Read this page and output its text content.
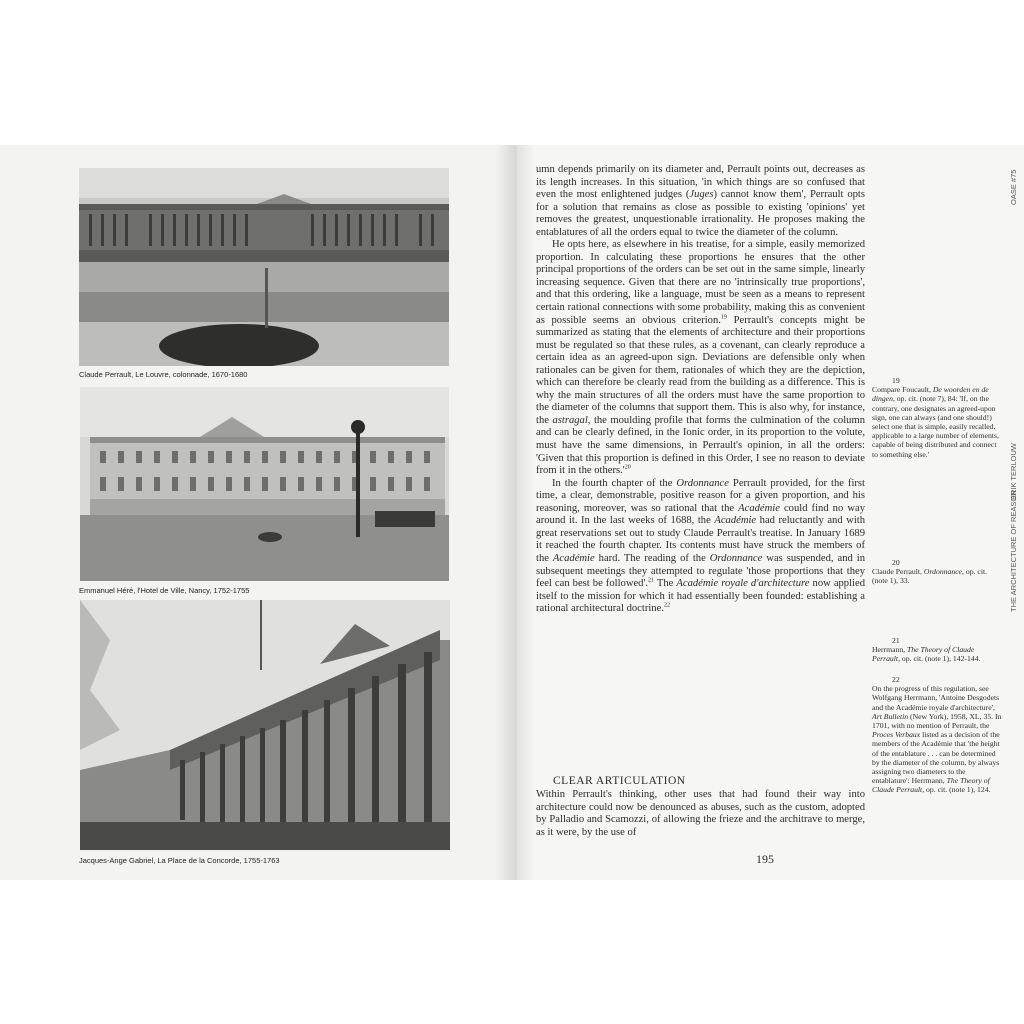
Claude Perrault, Le Louvre, colonnade, 1670-1680
Emmanuel Héré, l'Hotel de Ville, Nancy, 1752-1755
Jacques-Ange Gabriel, La Place de la Concorde, 1755-1763

umn depends primarily on its diameter and, Perrault points out, decreases as its length increases. In this situation, 'in which things are so confused that even the most enlightened judges (Juges) cannot know them', Perrault opts for a solution that remains as close as possible to existing 'opinions' yet removes the greatest, unquestionable irrationality. He proposes making the entablatures of all the orders equal to twice the diameter of the column.

He opts here, as elsewhere in his treatise, for a simple, easily memorized proportion. In calculating these proportions he ensures that the other principal proportions of the orders can be set out in the same simple, linearly increasing sequence. Given that there are no 'intrinsically true proportions', and that this ordering, like a language, must be seen as a means to represent certain rational connections with some probability, making this as convenient as possible seems an obvious criterion.$^{19}$ Perrault's concepts might be summarized as stating that the elements of architecture and their proportions must be regulated so that these rules, as a covenant, can clearly reproduce a certain idea as an agreed-upon sign. Deviations are defensible only when rationales can be given for them, rationales of which they are the depiction, which can therefore be clearly read from the building as a difference. This is why the main structures of all the orders must have the same proportion to the diameter of the columns that support them. This is also why, for instance, the astragal, the moulding profile that forms the culmination of the column and can be clearly defined, in the Ionic order, in its proportion to the volute, must have the same dimensions, in Perrault's opinion, in all the orders: 'Given that this proportion is defined in this Order, I see no reason to deviate from it in the $others.'^{20}$

In the fourth chapter of the Ordonnance Perrault provided, for the first time, a clear, demonstrable, positive reason for a given proportion, and his reasoning, moreover, was so rational that the Académie could find no way around it. In the last weeks of 1688, the Académie had reluctantly and with great reservations set out to study Claude Perrault's treatise. In January 1689 it reached the fourth chapter. Its contents must have struck the members of the Académie hard. The reading of the Ordonnance was suspended, and in subsequent meetings they attempted to regulate 'those proportions that they feel can best be followed'.$^{21}$ The Académie royale d'architecture now applied itself to the mission for which it had essentially been founded: establishing a rational architectural doctrine.$^{22}$

CLEAR ARTICULATION

Within Perrault's thinking, other uses that had found their way into architecture could now be denounced as abuses, such as the custom, adopted by Palladio and Scamozzi, of allowing the frieze and the architrave to merge, as it were, by the use of

195
19

Compare Foucault, De woorden en de dingen, op. cit. (note 7), 84: 'If, on the contrary, one designates an agreed-upon sign, one can always (and one should!) select one that is simple, easily recalled, applicable to a large number of elements, capable of being distributed and connect to something else.'

20

Claude Perrault, Ordonnance, op. cit. (note 1), 33.

21

Herrmann, The Theory of Claude Perrault, op. cit. (note 1), 142-144.

22

On the progress of this regulation, see Wolfgang Herrmann, 'Antoine Desgodets and the Académie royale d'architecture', Art Bulletin (New York), 1958, XL, 35. In 1701, with no mention of Perrault, the Proces Verbaux listed as a decision of the members of the Académie that 'the height of the entablature . . . can be determined by the diameter of the column, by always assigning two diameters to the entablature': Herrmann, The Theory of Claude Perrault, op. cit. (note 1), 124.

OASE #75
THE ARCHITECTURE OF REASON
ERIK TERLOUW
